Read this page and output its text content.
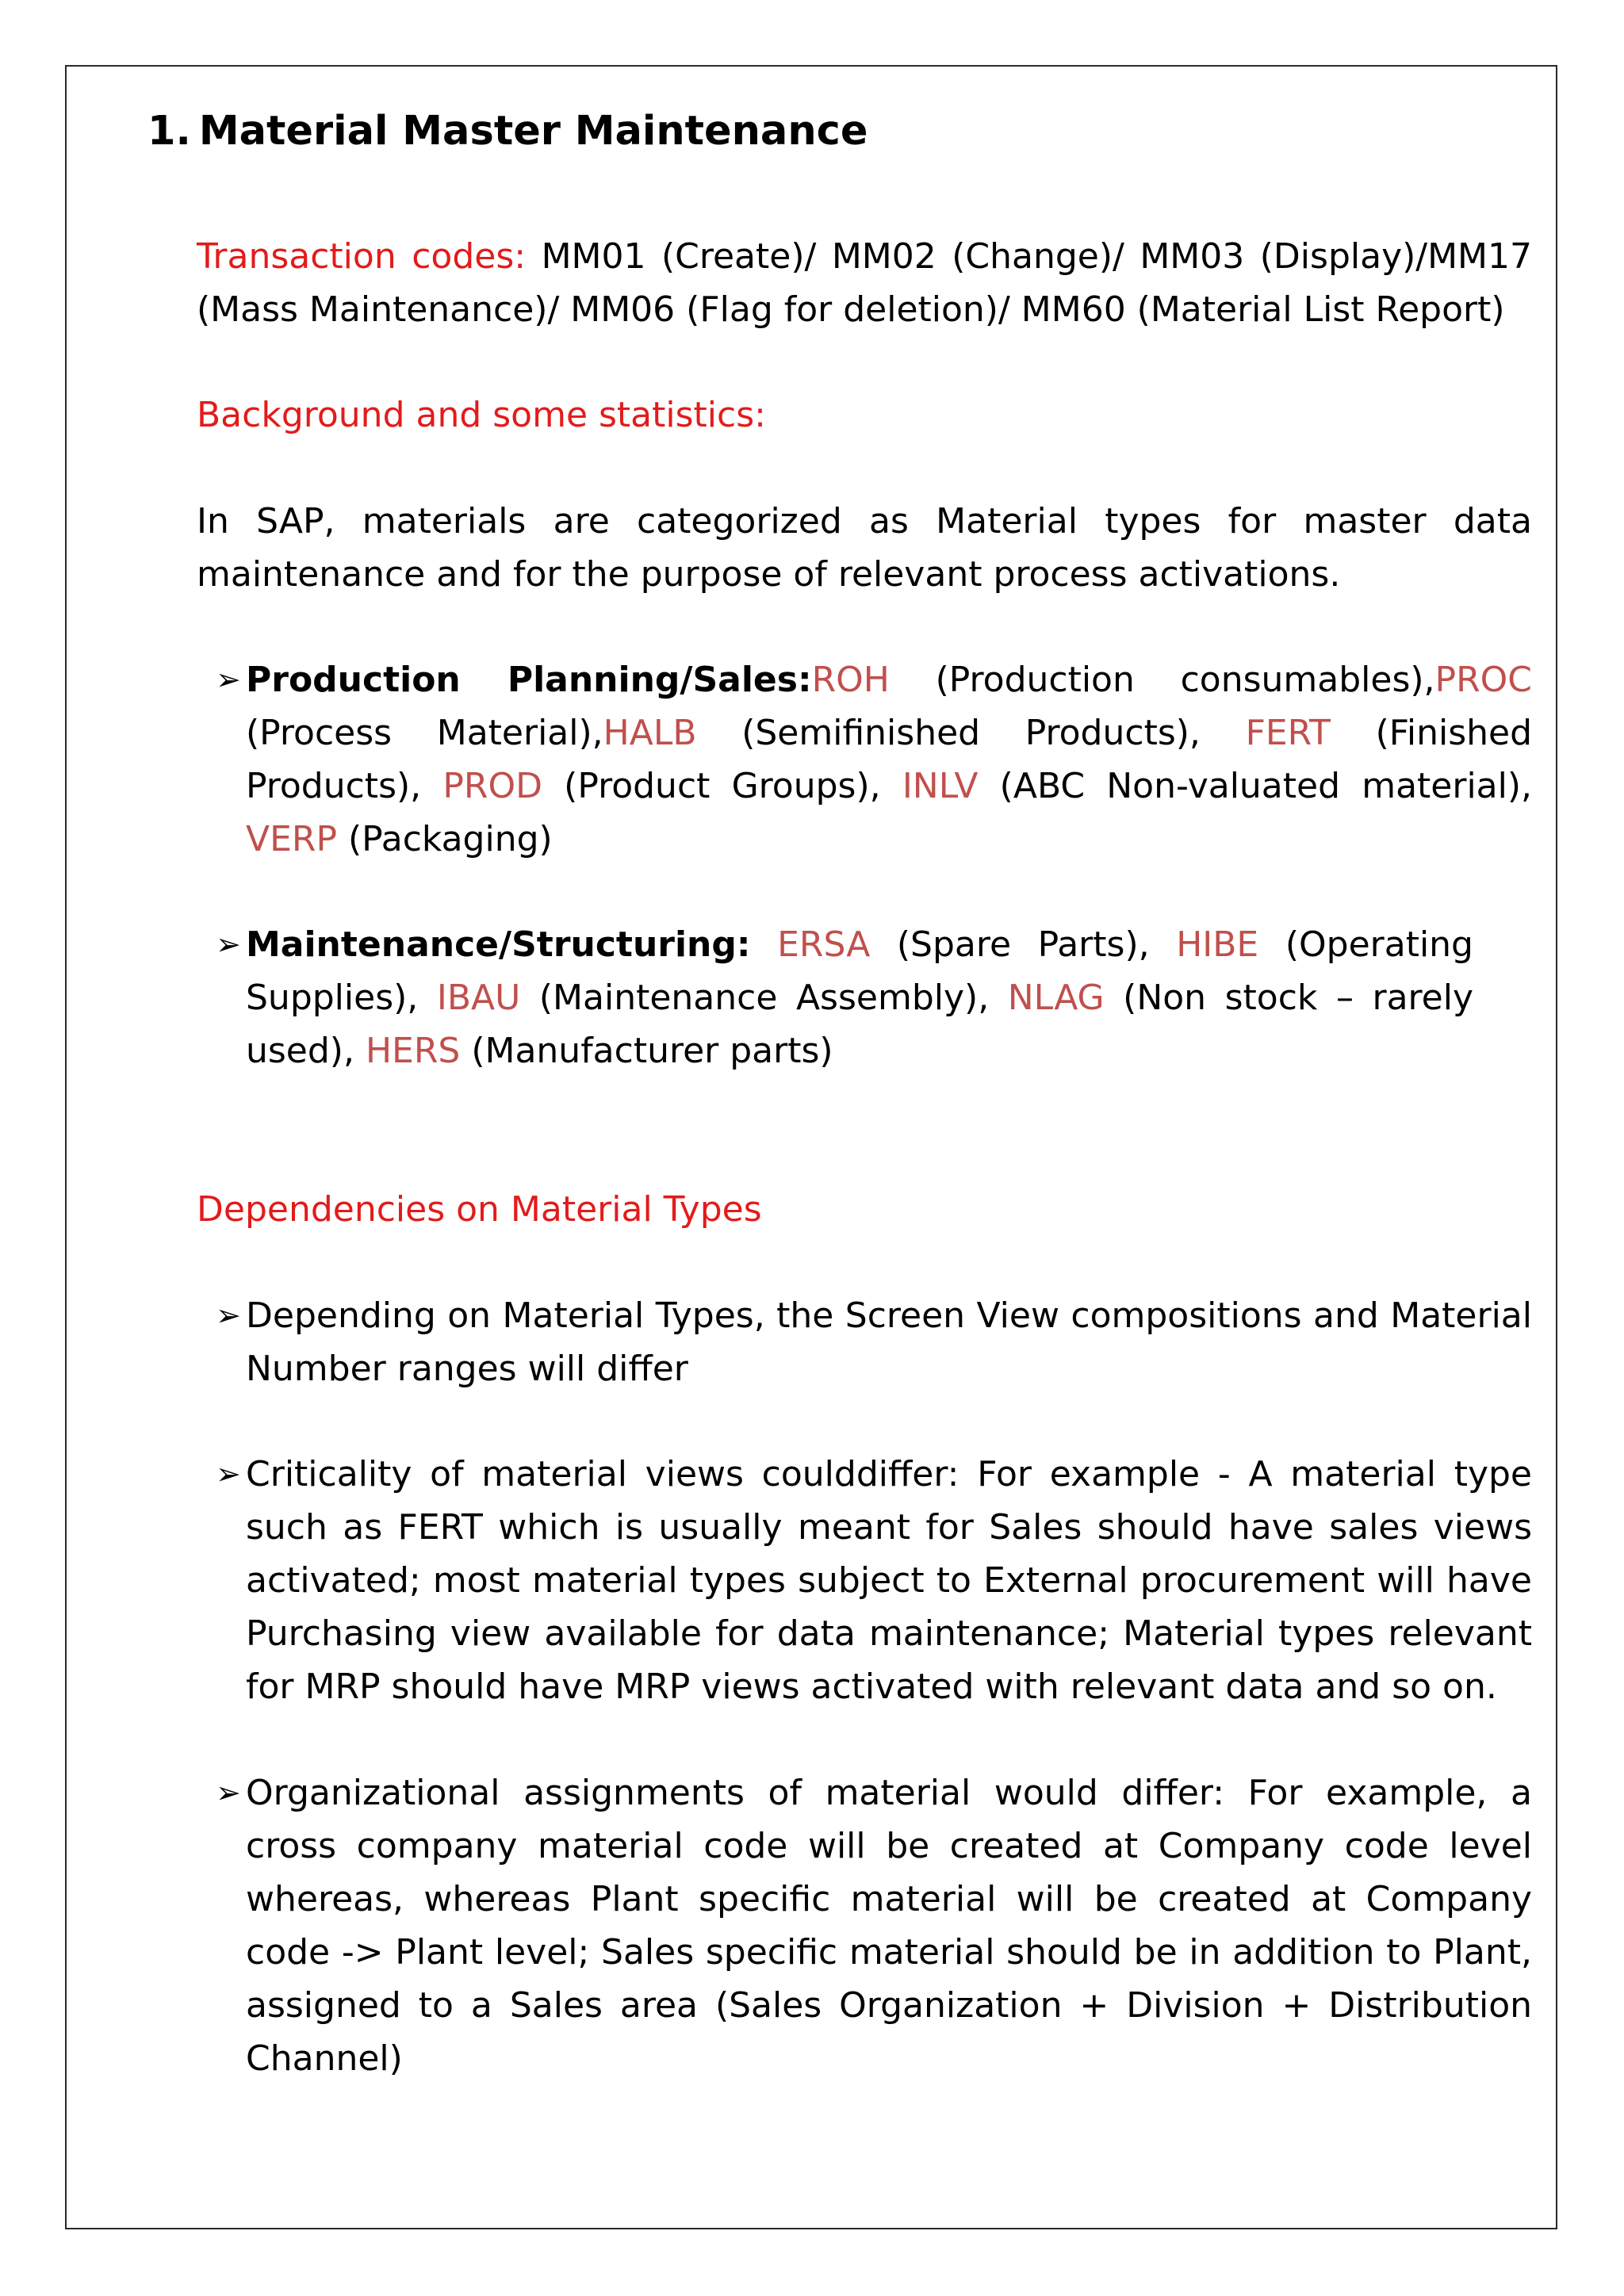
1. Material Master Maintenance

Transaction codes: MM01 (Create)/ MM02 (Change)/ MM03 (Display)/MM17 (Mass Maintenance)/ MM06 (Flag for deletion)/ MM60 (Material List Report)

Background and some statistics:

In SAP, materials are categorized as Material types for master data maintenance and for the purpose of relevant process activations.

➢ Production Planning/Sales:ROH (Production consumables),PROC (Process Material),HALB (Semifinished Products), FERT (Finished Products), PROD (Product Groups), INLV (ABC Non-valuated material), VERP (Packaging)

➢ Maintenance/Structuring: ERSA (Spare Parts), HIBE (Operating Supplies), IBAU (Maintenance Assembly), NLAG (Non stock – rarely used), HERS (Manufacturer parts)

Dependencies on Material Types

➢ Depending on Material Types, the Screen View compositions and Material Number ranges will differ

➢ Criticality of material views coulddiffer: For example - A material type such as FERT which is usually meant for Sales should have sales views activated; most material types subject to External procurement will have Purchasing view available for data maintenance; Material types relevant for MRP should have MRP views activated with relevant data and so on.

➢ Organizational assignments of material would differ: For example, a cross company material code will be created at Company code level whereas, whereas Plant specific material will be created at Company code -> Plant level; Sales specific material should be in addition to Plant, assigned to a Sales area (Sales Organization + Division + Distribution Channel)
